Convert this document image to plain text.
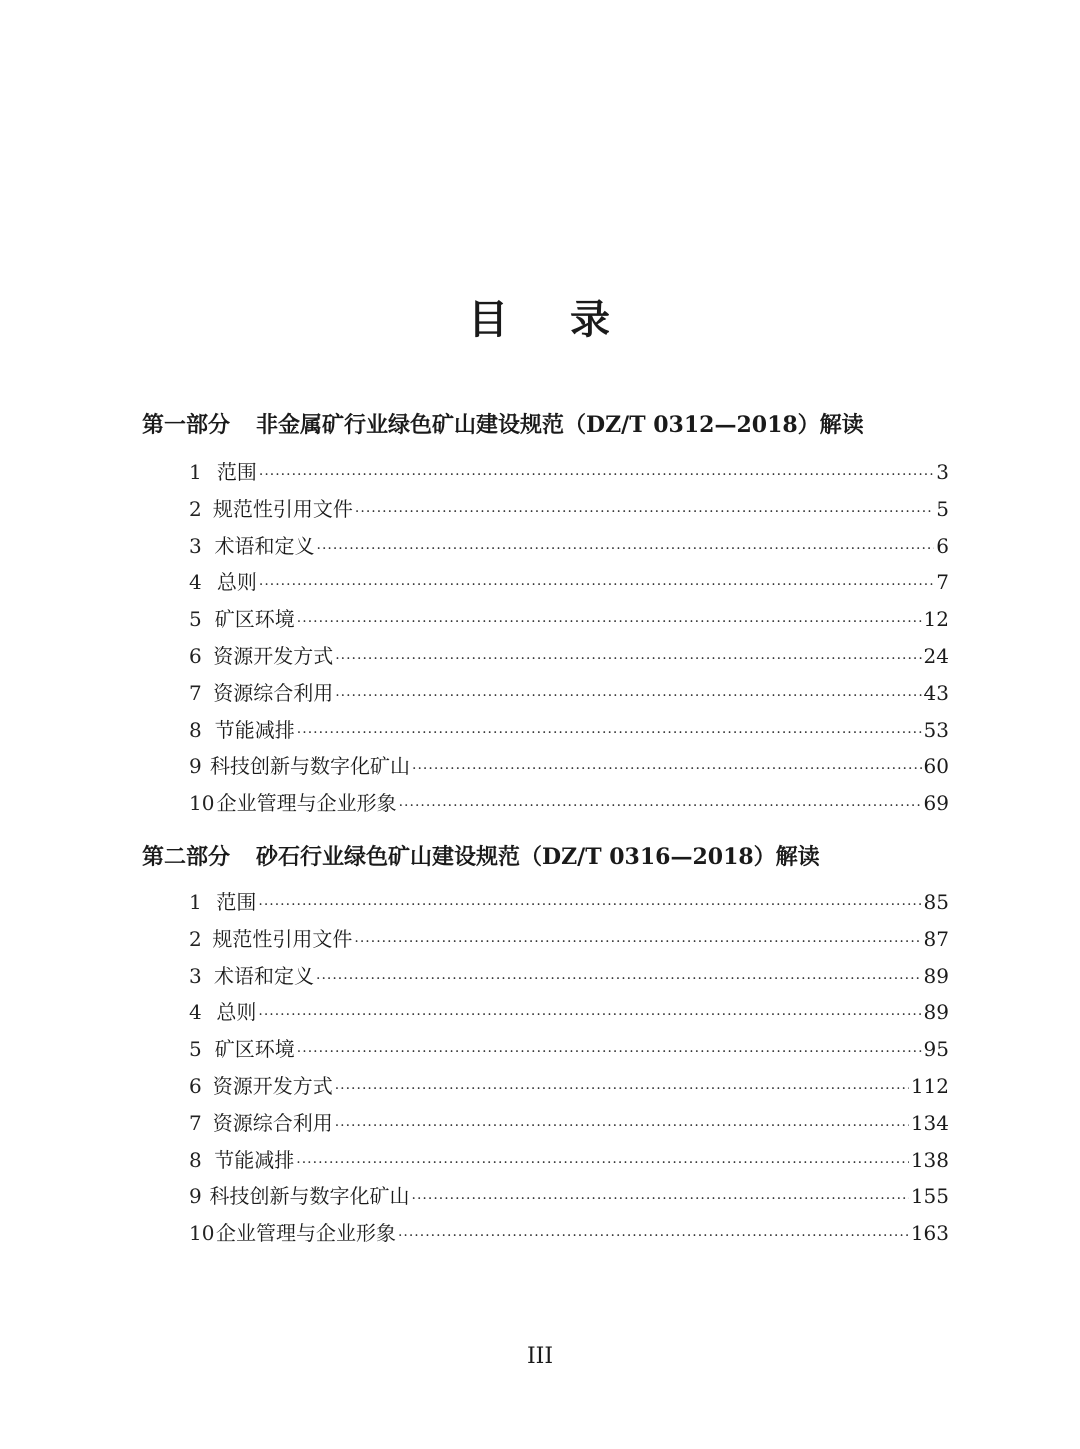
目 录
第一部分 非金属矿行业绿色矿山建设规范（DZ/T 0312—2018）解读
1 范围 ·····	3
2 规范性引用文件 ·····	5
3 术语和定义 ·····	6
4 总则 ·····	7
5 矿区环境 ·····	12
6 资源开发方式 ·····	24
7 资源综合利用 ·····	43
8 节能减排 ·····	53
9 科技创新与数字化矿山 ·····	60
10 企业管理与企业形象 ·····	69
第二部分 砂石行业绿色矿山建设规范（DZ/T 0316—2018）解读
1 范围 ·····	85
2 规范性引用文件 ·····	87
3 术语和定义 ·····	89
4 总则 ·····	89
5 矿区环境 ·····	95
6 资源开发方式 ·····	112
7 资源综合利用 ·····	134
8 节能减排 ·····	138
9 科技创新与数字化矿山 ·····	155
10 企业管理与企业形象 ·····	163
III
